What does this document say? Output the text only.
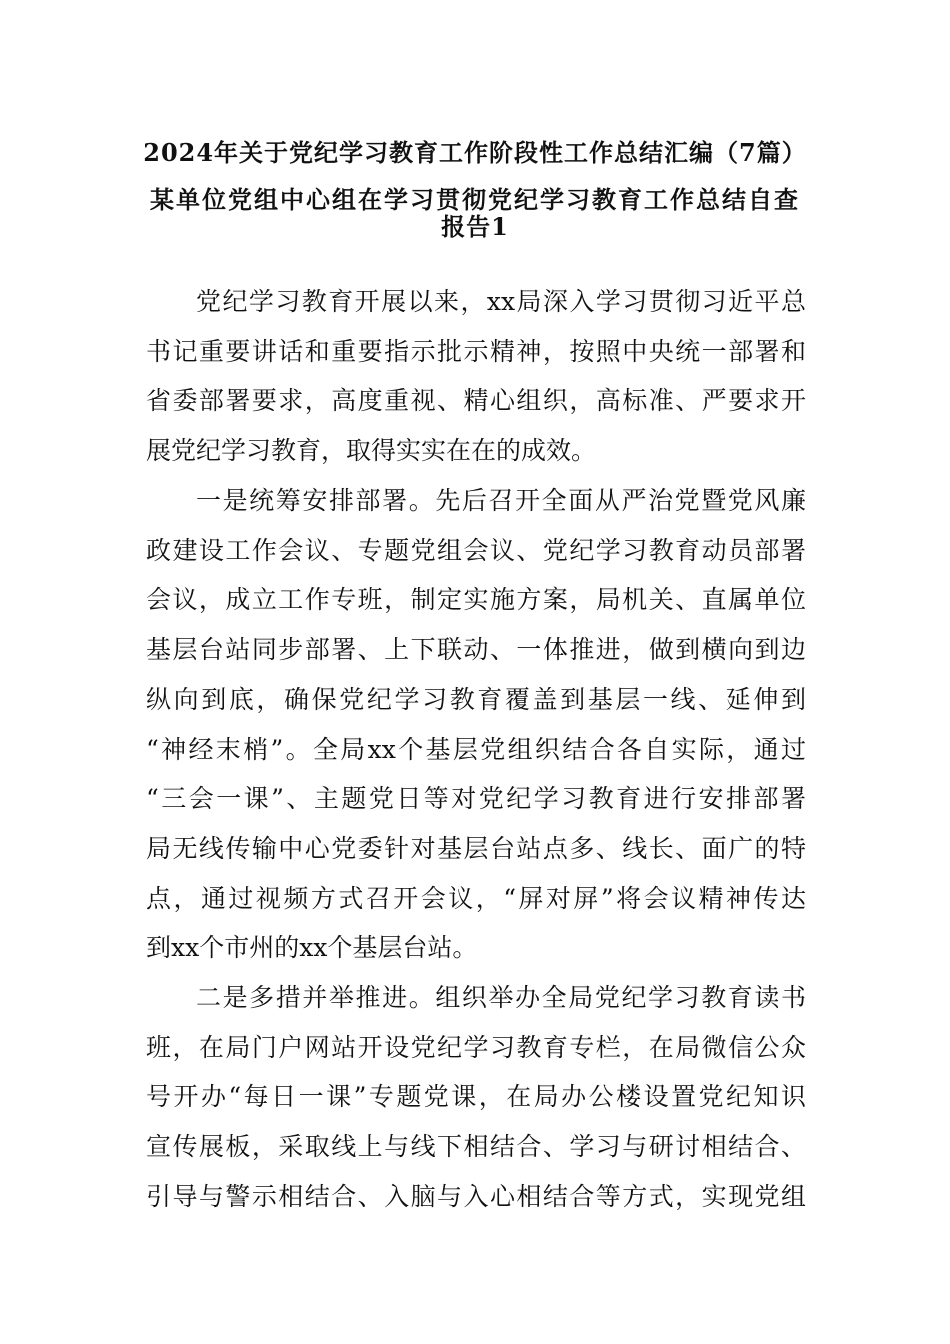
2024年关于党纪学习教育工作阶段性工作总结汇编（7篇）
某单位党组中心组在学习贯彻党纪学习教育工作总结自查
报告1
党纪学习教育开展以来，xx局深入学习贯彻习近平总
书记重要讲话和重要指示批示精神，按照中央统一部署和
省委部署要求，高度重视、精心组织，高标准、严要求开
展党纪学习教育，取得实实在在的成效。
一是统筹安排部署。先后召开全面从严治党暨党风廉
政建设工作会议、专题党组会议、党纪学习教育动员部署
会议，成立工作专班，制定实施方案，局机关、直属单位
基层台站同步部署、上下联动、一体推进，做到横向到边
纵向到底，确保党纪学习教育覆盖到基层一线、延伸到
“神经末梢”。全局xx个基层党组织结合各自实际，通过
“三会一课”、主题党日等对党纪学习教育进行安排部署
局无线传输中心党委针对基层台站点多、线长、面广的特
点，通过视频方式召开会议，“屏对屏”将会议精神传达
到xx个市州的xx个基层台站。
二是多措并举推进。组织举办全局党纪学习教育读书
班，在局门户网站开设党纪学习教育专栏，在局微信公众
号开办“每日一课”专题党课，在局办公楼设置党纪知识
宣传展板，采取线上与线下相结合、学习与研讨相结合、
引导与警示相结合、入脑与入心相结合等方式，实现党组
